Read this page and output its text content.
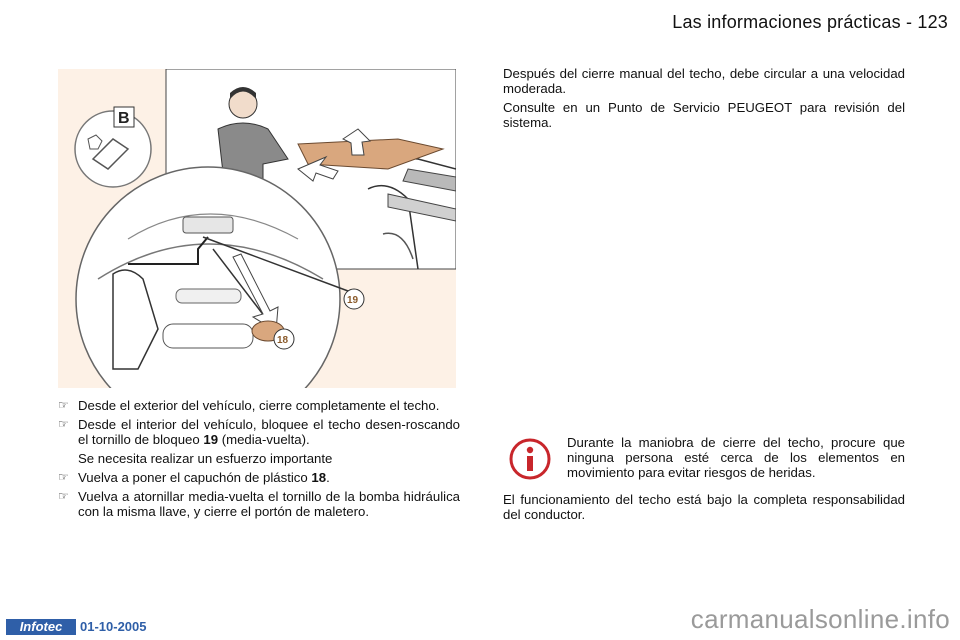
Las informaciones prácticas - 123
B
19
18
☞ Desde el exterior del vehículo, cierre completamente el techo.
☞ Desde el interior del vehículo, bloquee el techo desen-roscando el tornillo de bloqueo 19 (media-vuelta).
Se necesita realizar un esfuerzo importante
☞ Vuelva a poner el capuchón de plástico 18.
☞ Vuelva a atornillar media-vuelta el tornillo de la bomba hidráulica con la misma llave, y cierre el portón de maletero.

Después del cierre manual del techo, debe circular a una velocidad moderada.

Consulte en un Punto de Servicio PEUGEOT para revisión del sistema.

Durante la maniobra de cierre del techo, procure que ninguna persona esté cerca de los elementos en movimiento para evitar riesgos de heridas.
El funcionamiento del techo está bajo la completa responsabilidad del conductor.
Infotec	01-10-2005	carmanualsonline.info
